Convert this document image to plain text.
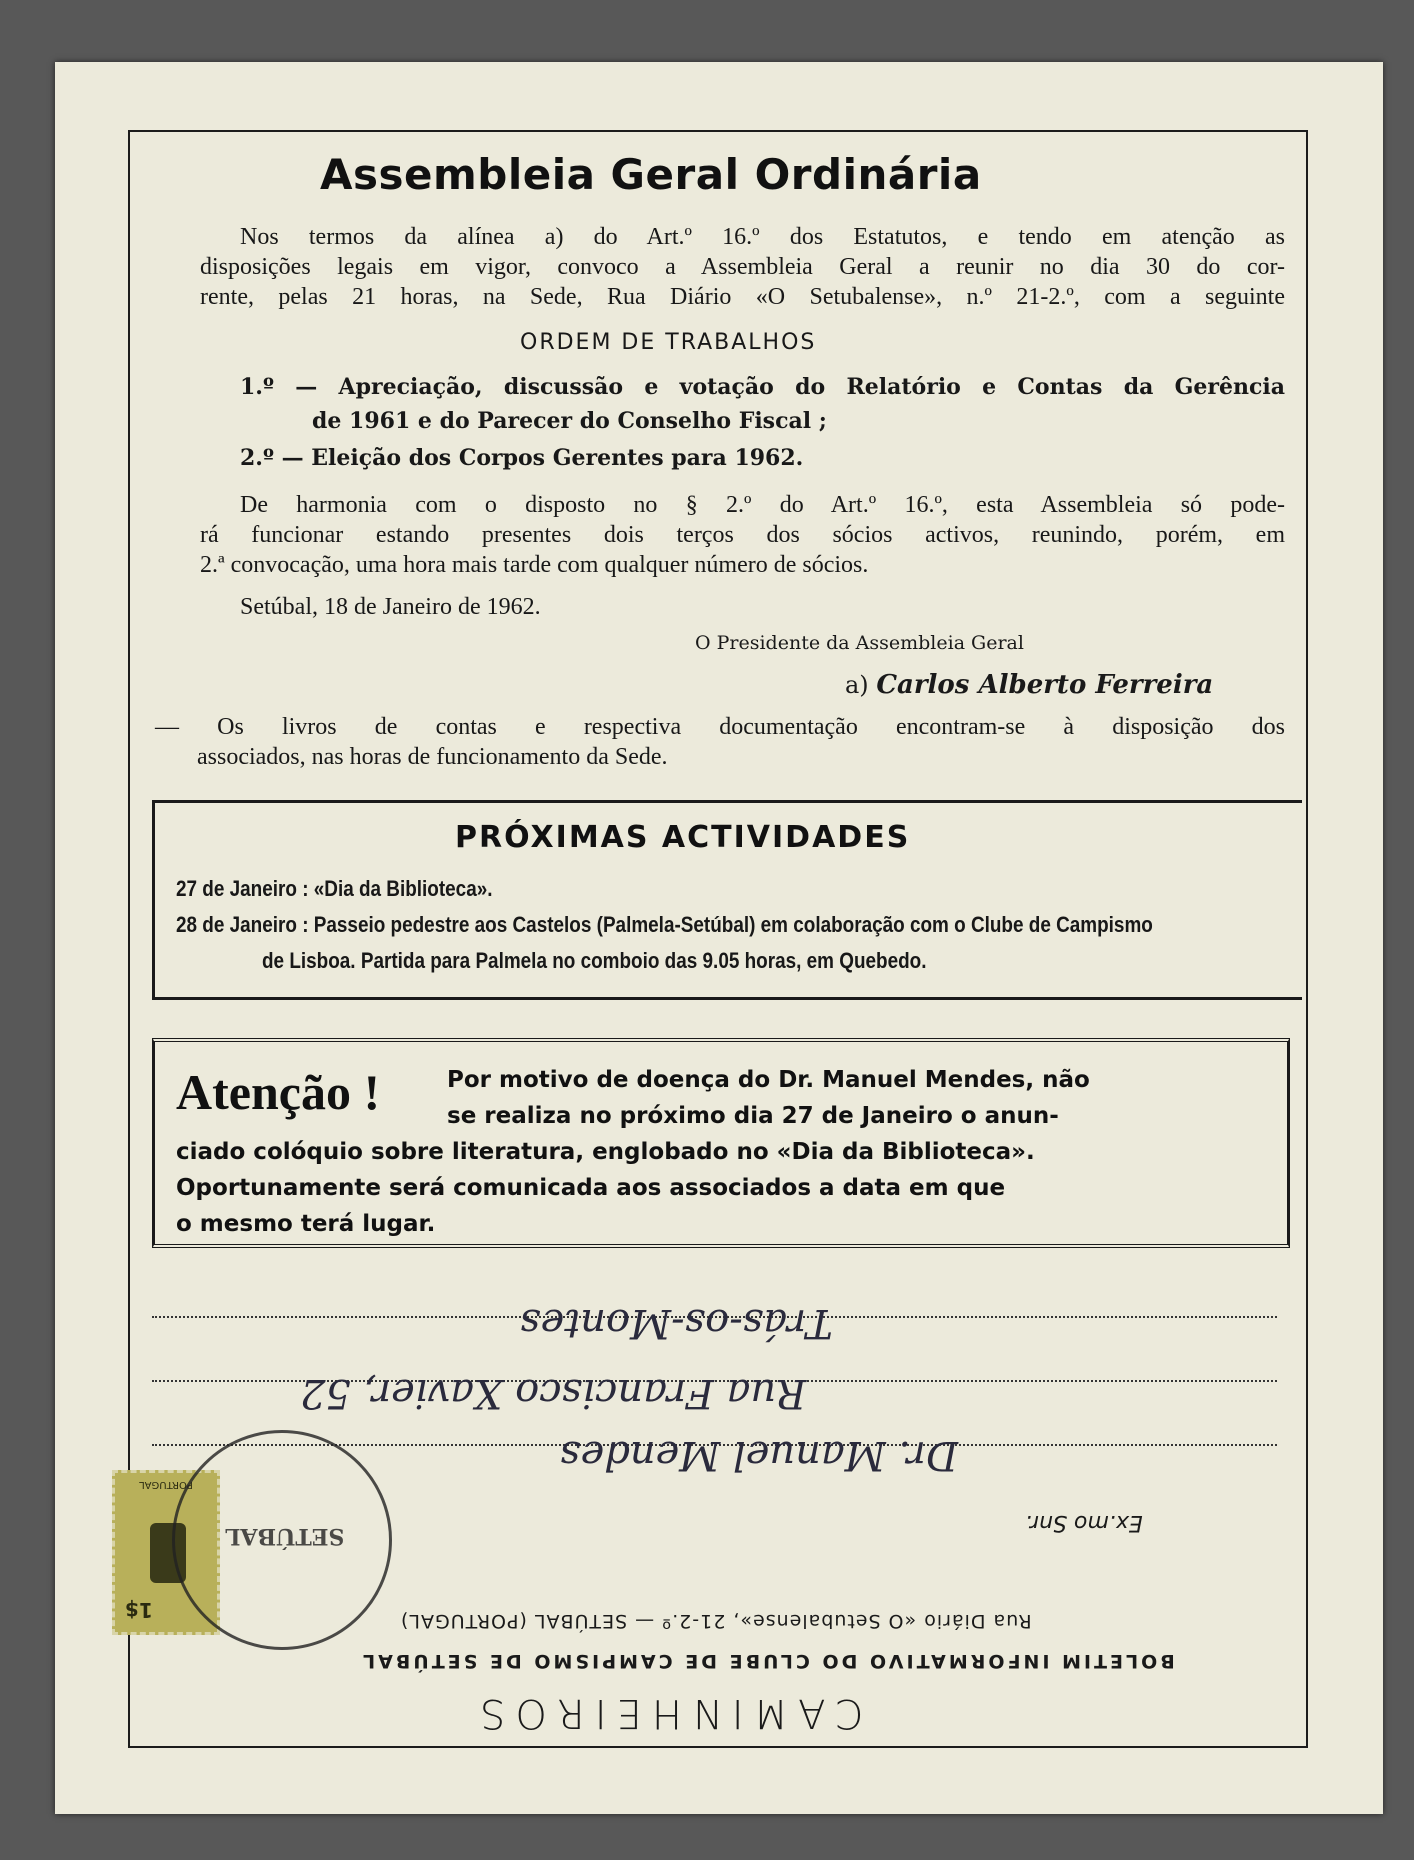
Assembleia Geral Ordinária
Nos termos da alínea a) do Art.º 16.º dos Estatutos, e tendo em atenção as
disposições legais em vigor, convoco a Assembleia Geral a reunir no dia 30 do cor-
rente, pelas 21 horas, na Sede, Rua Diário «O Setubalense», n.º 21-2.º, com a seguinte
ORDEM DE TRABALHOS
1.º — Apreciação, discussão e votação do Relatório e Contas da Gerência
de 1961 e do Parecer do Conselho Fiscal ;
2.º — Eleição dos Corpos Gerentes para 1962.
De harmonia com o disposto no § 2.º do Art.º 16.º, esta Assembleia só pode-
rá funcionar estando presentes dois terços dos sócios activos, reunindo, porém, em
2.ª convocação, uma hora mais tarde com qualquer número de sócios.
Setúbal, 18 de Janeiro de 1962.
O Presidente da Assembleia Geral
a) Carlos Alberto Ferreira
— Os livros de contas e respectiva documentação encontram-se à disposição dos
associados, nas horas de funcionamento da Sede.
PRÓXIMAS ACTIVIDADES
27 de Janeiro : «Dia da Biblioteca».
28 de Janeiro : Passeio pedestre aos Castelos (Palmela-Setúbal) em colaboração com o Clube de Campismo
de Lisboa. Partida para Palmela no comboio das 9.05 horas, em Quebedo.
Atenção !	Por motivo de doença do Dr. Manuel Mendes, não
se realiza no próximo dia 27 de Janeiro o anun-
ciado colóquio sobre literatura, englobado no «Dia da Biblioteca».
Oportunamente será comunicada aos associados a data em que
o mesmo terá lugar.
Trás-os-Montes
Rua Francisco Xavier, 52
Dr. Manuel Mendes
Ex.mo Snr.
PORTUGAL
1$
SETÚBAL
Rua Diário «O Setubalense», 21-2.º — SETÚBAL (PORTUGAL)
BOLETIM INFORMATIVO DO CLUBE DE CAMPISMO DE SETÚBAL
CAMINHEIROS
